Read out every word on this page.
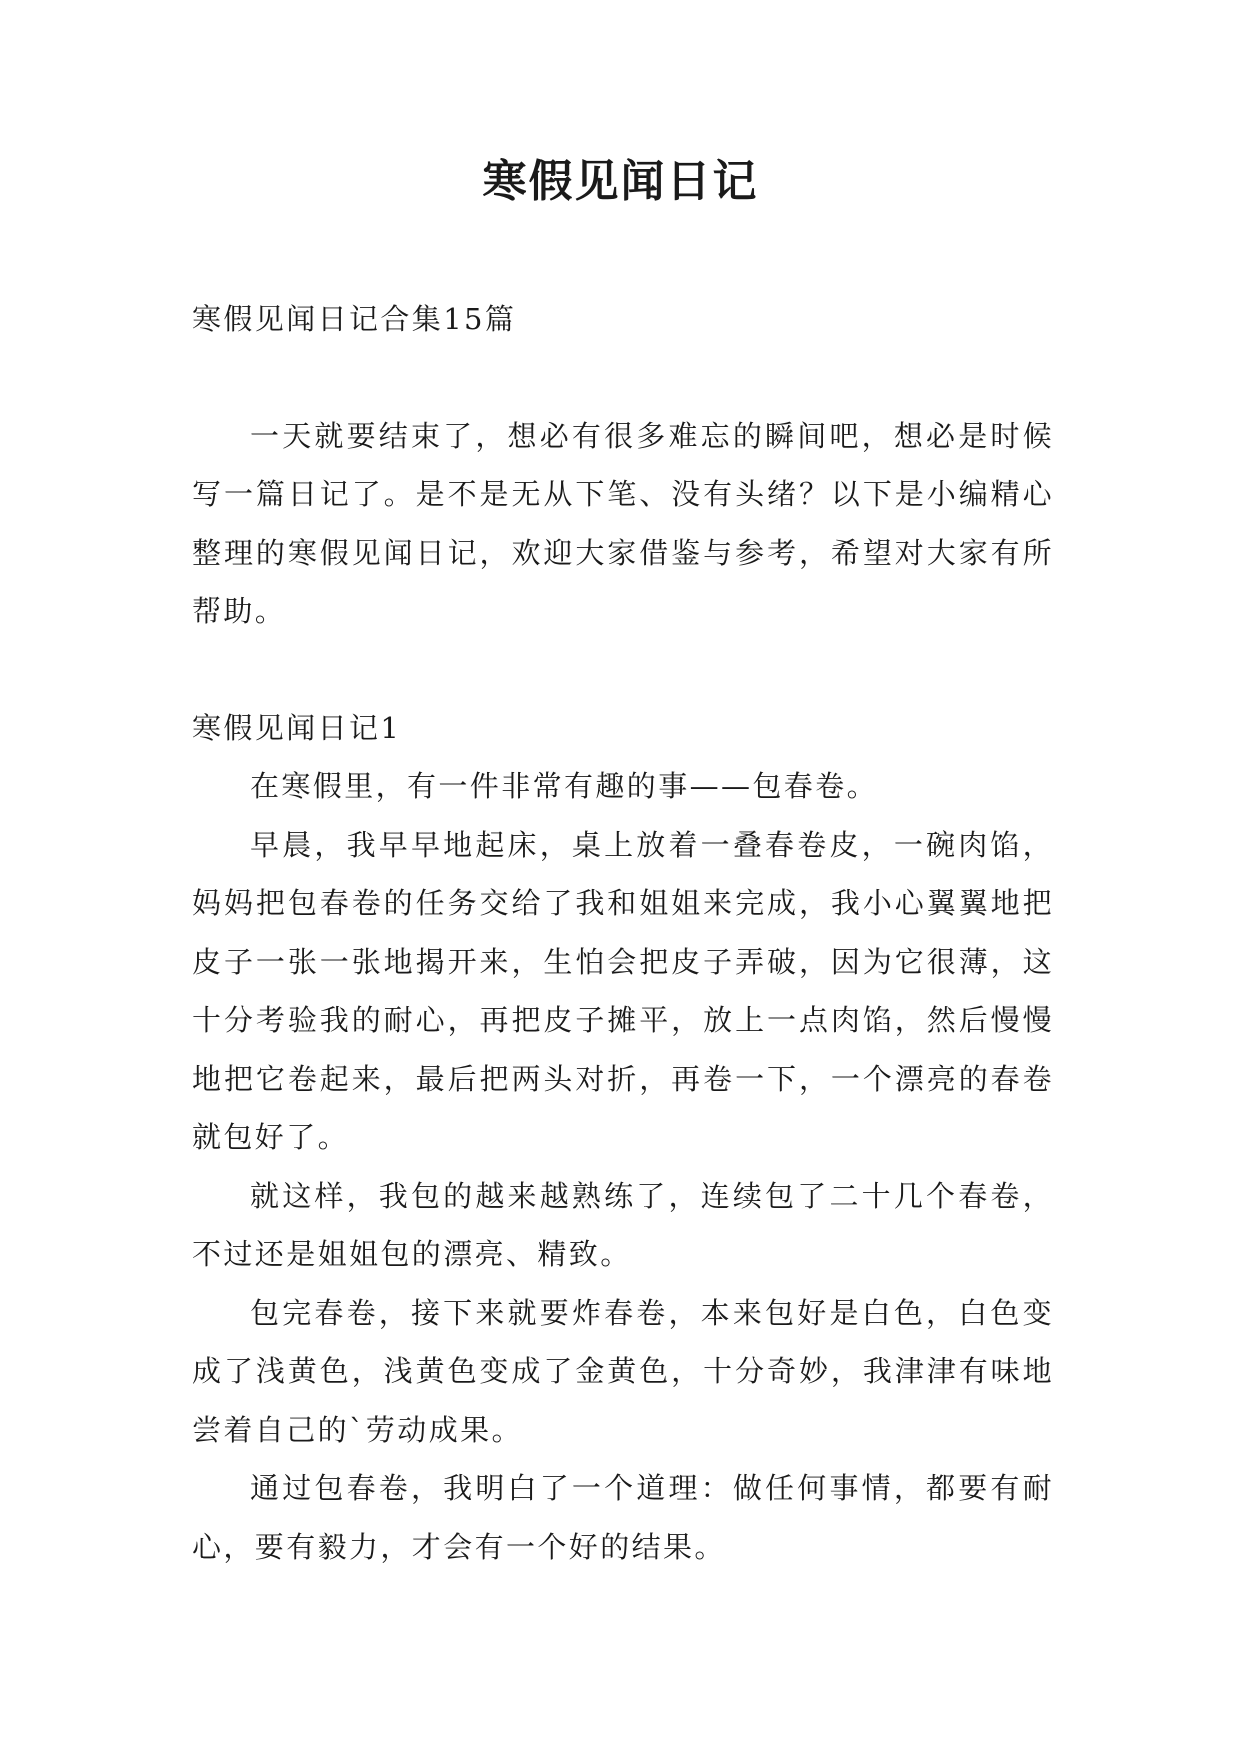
寒假见闻日记

寒假见闻日记合集15篇

一天就要结束了，想必有很多难忘的瞬间吧，想必是时候写一篇日记了。是不是无从下笔、没有头绪？以下是小编精心整理的寒假见闻日记，欢迎大家借鉴与参考，希望对大家有所帮助。

寒假见闻日记1

在寒假里，有一件非常有趣的事——包春卷。

早晨，我早早地起床，桌上放着一叠春卷皮，一碗肉馅，妈妈把包春卷的任务交给了我和姐姐来完成，我小心翼翼地把皮子一张一张地揭开来，生怕会把皮子弄破，因为它很薄，这十分考验我的耐心，再把皮子摊平，放上一点肉馅，然后慢慢地把它卷起来，最后把两头对折，再卷一下，一个漂亮的春卷就包好了。

就这样，我包的越来越熟练了，连续包了二十几个春卷，不过还是姐姐包的漂亮、精致。

包完春卷，接下来就要炸春卷，本来包好是白色，白色变成了浅黄色，浅黄色变成了金黄色，十分奇妙，我津津有味地尝着自己的`劳动成果。

通过包春卷，我明白了一个道理：做任何事情，都要有耐心，要有毅力，才会有一个好的结果。
